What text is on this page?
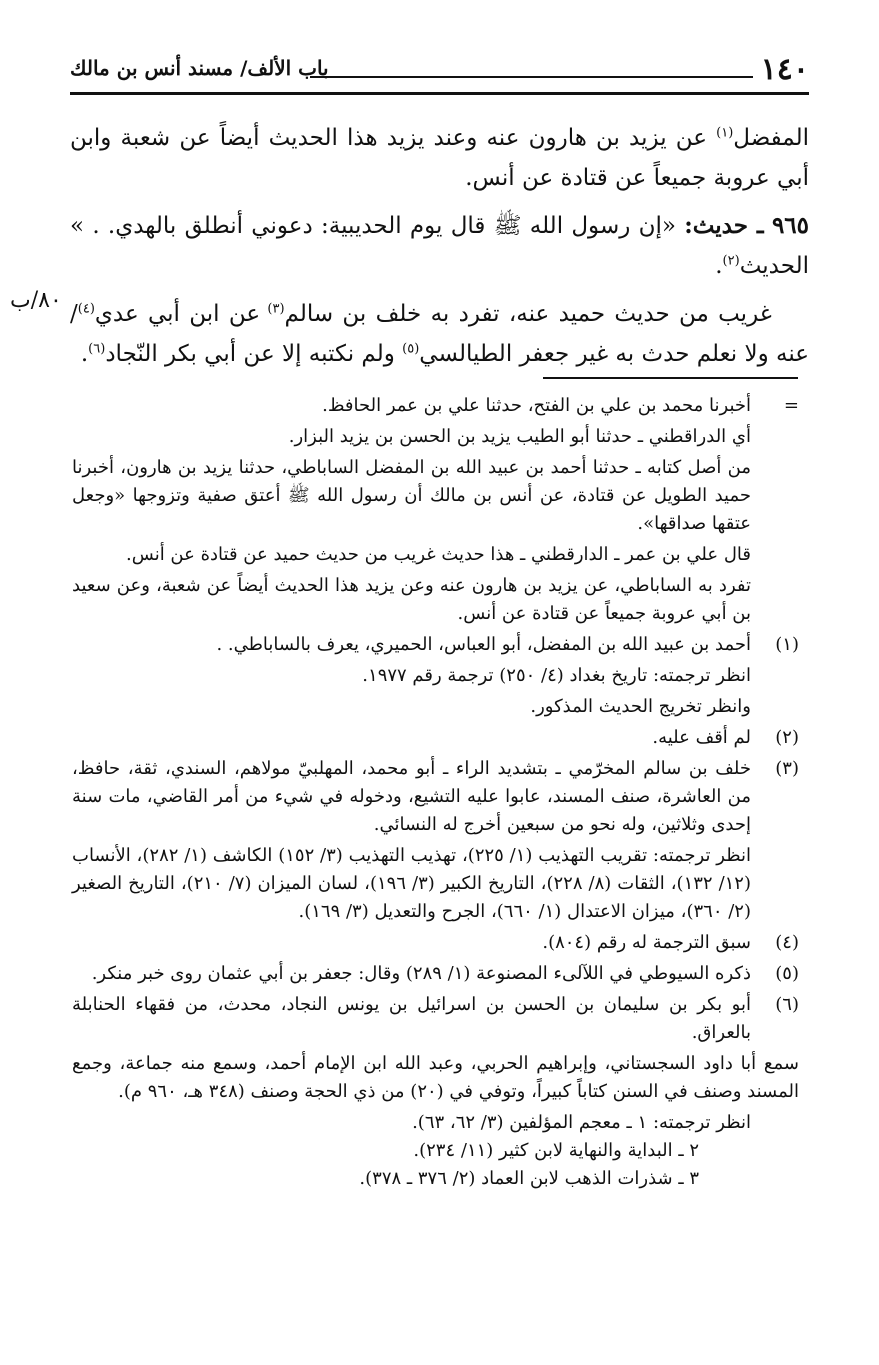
١٤٠
باب الألف/ مسند أنس بن مالك
٨٠/ب

المفضل$^{(١)}$ عن يزيد بن هارون عنه وعند يزيد هذا الحديث أيضاً عن شعبة وابن أبي عروبة جميعاً عن قتادة عن أنس.

٩٦٥ ـ حديث: «إن رسول الله ﷺ قال يوم الحديبية: دعوني أنطلق بالهدي. . » الحديث$^{(٢)}$.

غريب من حديث حميد عنه، تفرد به خلف بن سالم$^{(٣)}$ عن ابن أبي عدي$^{(٤)}$/ عنه ولا نعلم حدث به غير جعفر الطيالسي$^{(٥)}$ ولم نكتبه إلا عن أبي بكر النّجاد$^{(٦)}$.

=
أخبرنا محمد بن علي بن الفتح، حدثنا علي بن عمر الحافظ.
أي الدراقطني ـ حدثنا أبو الطيب يزيد بن الحسن بن يزيد البزار.
من أصل كتابه ـ حدثنا أحمد بن عبيد الله بن المفضل الساباطي، حدثنا يزيد بن هارون، أخبرنا حميد الطويل عن قتادة، عن أنس بن مالك أن رسول الله ﷺ أعتق صفية وتزوجها «وجعل عتقها صداقها».
قال علي بن عمر ـ الدارقطني ـ هذا حديث غريب من حديث حميد عن قتادة عن أنس.
تفرد به الساباطي، عن يزيد بن هارون عنه وعن يزيد هذا الحديث أيضاً عن شعبة، وعن سعيد بن أبي عروبة جميعاً عن قتادة عن أنس.
(١)
أحمد بن عبيد الله بن المفضل، أبو العباس، الحميري، يعرف بالساباطي. .
انظر ترجمته: تاريخ بغداد (٤/ ٢٥٠) ترجمة رقم ١٩٧٧.
وانظر تخريج الحديث المذكور.
(٢)
لم أقف عليه.
(٣)
خلف بن سالم المخرّمي ـ بتشديد الراء ـ أبو محمد، المهلبيّ مولاهم، السندي، ثقة، حافظ، من العاشرة، صنف المسند، عابوا عليه التشيع، ودخوله في شيء من أمر القاضي، مات سنة إحدى وثلاثين، وله نحو من سبعين أخرج له النسائي.
انظر ترجمته: تقريب التهذيب (١/ ٢٢٥)، تهذيب التهذيب (٣/ ١٥٢) الكاشف (١/ ٢٨٢)، الأنساب (١٢/ ١٣٢)، الثقات (٨/ ٢٢٨)، التاريخ الكبير (٣/ ١٩٦)، لسان الميزان (٧/ ٢١٠)، التاريخ الصغير (٢/ ٣٦٠)، ميزان الاعتدال (١/ ٦٦٠)، الجرح والتعديل (٣/ ١٦٩).
(٤)
سبق الترجمة له رقم (٨٠٤).
(٥)
ذكره السيوطي في اللآلىء المصنوعة (١/ ٢٨٩) وقال: جعفر بن أبي عثمان روى خبر منكر.
(٦)
أبو بكر بن سليمان بن الحسن بن اسرائيل بن يونس النجاد، محدث، من فقهاء الحنابلة بالعراق.
سمع أبا داود السجستاني، وإبراهيم الحربي، وعبد الله ابن الإمام أحمد، وسمع منه جماعة، وجمع المسند وصنف في السنن كتاباً كبيراً، وتوفي في (٢٠) من ذي الحجة وصنف (٣٤٨ هـ، ٩٦٠ م).
انظر ترجمته: ١ ـ معجم المؤلفين (٣/ ٦٢، ٦٣).
٢ ـ البداية والنهاية لابن كثير (١١/ ٢٣٤).
٣ ـ شذرات الذهب لابن العماد (٢/ ٣٧٦ ـ ٣٧٨).
